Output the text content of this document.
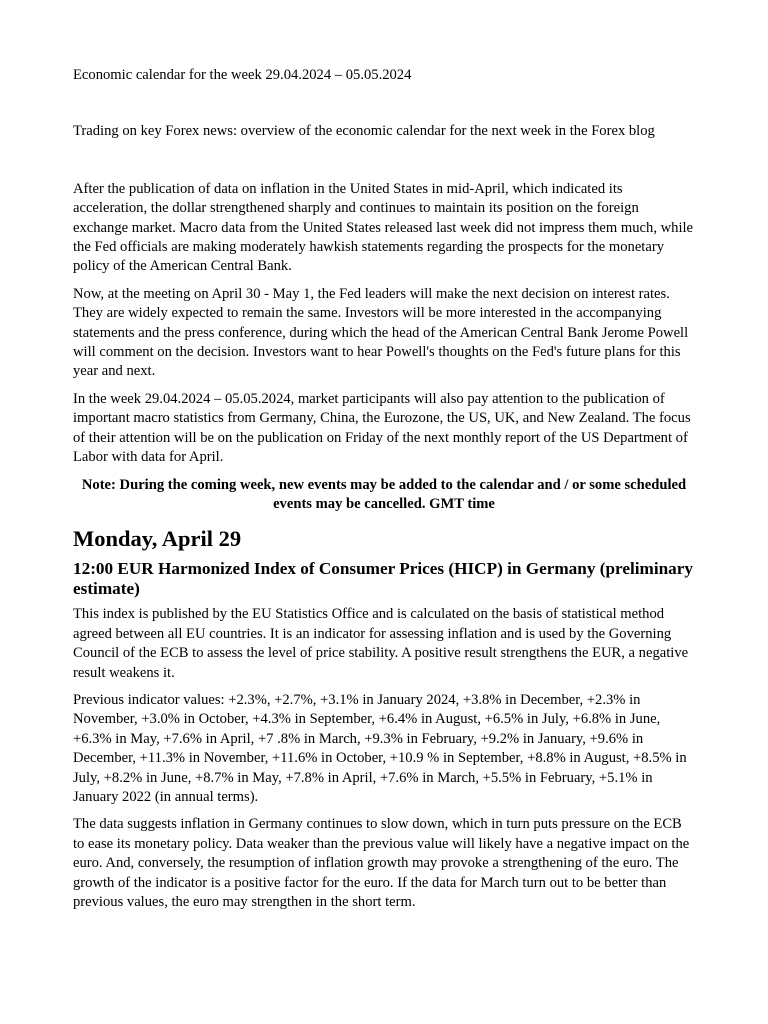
Economic calendar for the week 29.04.2024 – 05.05.2024

Trading on key Forex news: overview of the economic calendar for the next week in the Forex blog

After the publication of data on inflation in the United States in mid-April, which indicated its acceleration, the dollar strengthened sharply and continues to maintain its position on the foreign exchange market. Macro data from the United States released last week did not impress them much, while the Fed officials are making moderately hawkish statements regarding the prospects for the monetary policy of the American Central Bank.

Now, at the meeting on April 30 - May 1, the Fed leaders will make the next decision on interest rates. They are widely expected to remain the same. Investors will be more interested in the accompanying statements and the press conference, during which the head of the American Central Bank Jerome Powell will comment on the decision. Investors want to hear Powell's thoughts on the Fed's future plans for this year and next.

In the week 29.04.2024 – 05.05.2024, market participants will also pay attention to the publication of important macro statistics from Germany, China, the Eurozone, the US, UK, and New Zealand. The focus of their attention will be on the publication on Friday of the next monthly report of the US Department of Labor with data for April.

Note: During the coming week, new events may be added to the calendar and / or some scheduled events may be cancelled. GMT time

Monday, April 29
12:00 EUR Harmonized Index of Consumer Prices (HICP) in Germany (preliminary estimate)

This index is published by the EU Statistics Office and is calculated on the basis of statistical method agreed between all EU countries. It is an indicator for assessing inflation and is used by the Governing Council of the ECB to assess the level of price stability. A positive result strengthens the EUR, a negative result weakens it.

Previous indicator values: +2.3%, +2.7%, +3.1% in January 2024, +3.8% in December, +2.3% in November, +3.0% in October, +4.3% in September, +6.4% in August, +6.5% in July, +6.8% in June, +6.3% in May, +7.6% in April, +7 .8% in March, +9.3% in February, +9.2% in January, +9.6% in December, +11.3% in November, +11.6% in October, +10.9 % in September, +8.8% in August, +8.5% in July, +8.2% in June, +8.7% in May, +7.8% in April, +7.6% in March, +5.5% in February, +5.1% in January 2022 (in annual terms).

The data suggests inflation in Germany continues to slow down, which in turn puts pressure on the ECB to ease its monetary policy. Data weaker than the previous value will likely have a negative impact on the euro. And, conversely, the resumption of inflation growth may provoke a strengthening of the euro. The growth of the indicator is a positive factor for the euro. If the data for March turn out to be better than previous values, the euro may strengthen in the short term.
